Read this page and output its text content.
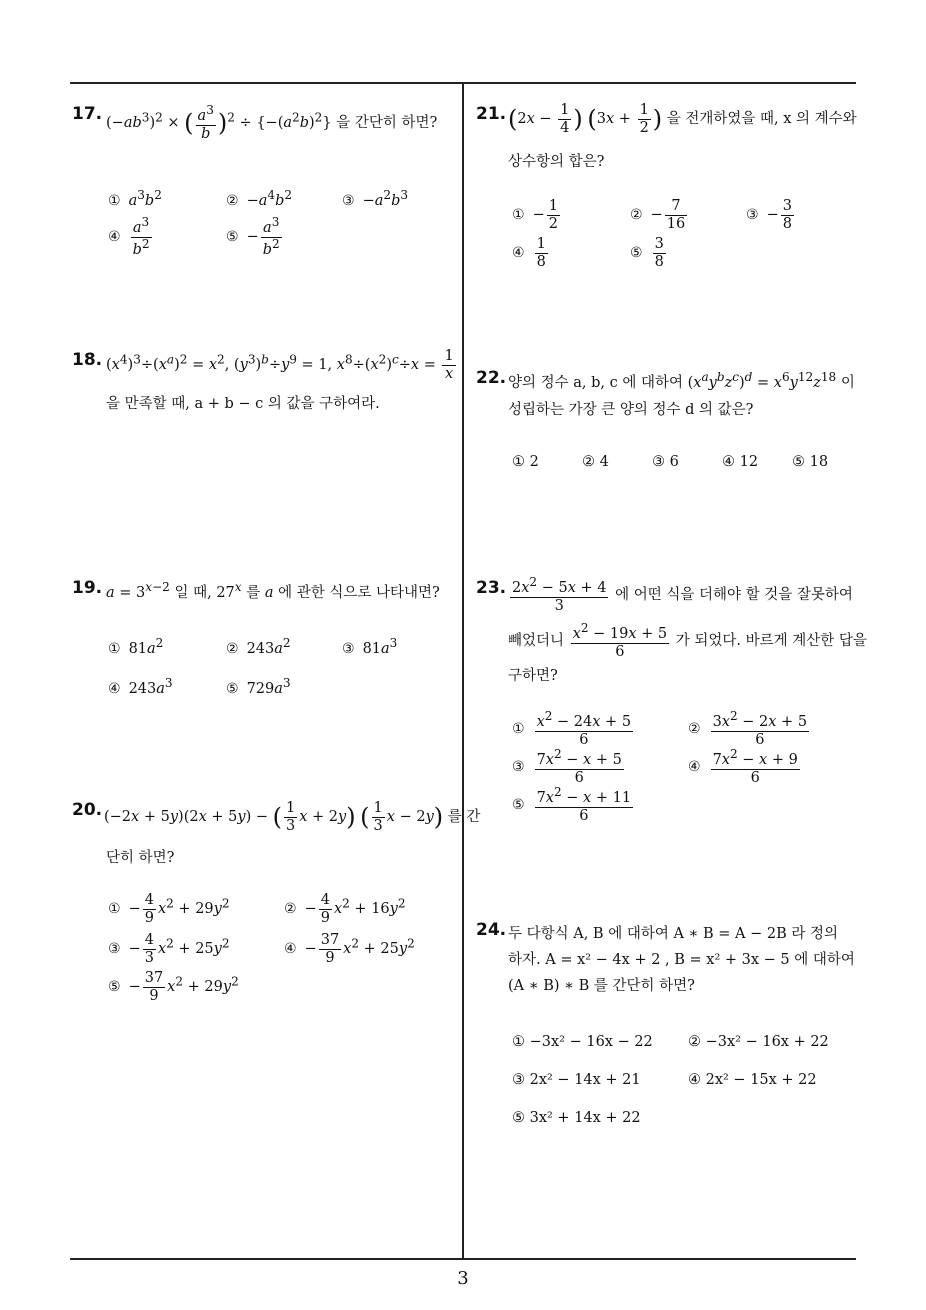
17. $(-ab^3)^2$ × ( $\frac{a^3}{b} )^2 \div \{-(a^2b)^2\}$ 을 간단히 하면?
① $a^3b^2$	② $-a^4b^2$	③ $-a^2b^3$
④ $\frac{a^3}{b^2}$	⑤ − $\frac{a^3}{b^2}$
18. $(x^4)^3\div(x^a)^2 = x^2$, $(y^3)^b\div y^9 = 1$, $x^8\div(x^2)^c\div x = \frac{1}{x}$
을 만족할 때, a + b − c 의 값을 구하여라.
19. $a = 3^{x-2}$ 일 때, 27$^x$ 를 a 에 관한 식으로 나타내면?
① $81a^2$	② $243a^2$	③ $81a^3$
④ $243a^3$	⑤ $729a^3$
20. (−2x + 5y)(2x + 5y) − ( $\frac{1}{3}$ x + 2y) ( $\frac{1}{3}$ x − 2y) 를 간
단히 하면?
① − $\frac{4}{9} x^2 + 29y^2$	② − $\frac{4}{9} x^2 + 16y^2$
③ − $\frac{4}{3} x^2 + 25y^2$	④ − $\frac{37}{9} x^2 + 25y^2$
⑤ − $\frac{37}{9} x^2 + 29y^2$
21. ($2x - \frac{1}{4}$ ) ($3x + \frac{1}{2}$ ) 을 전개하였을 때, x 의 계수와
상수항의 합은?
① − $\frac{1}{2}$	② − $\frac{7}{16}$	③ − $\frac{3}{8}$
④ $\frac{1}{8}$	⑤ $\frac{3}{8}$
22. 양의 정수 a, b, c 에 대하여 $(x^ay^bz^c)^d = x^6y^{12}z^{18}$ 이
성립하는 가장 큰 양의 정수 d 의 값은?
① 2	② 4	③ 6	④ 12 ⑤ 18
23. $\frac{2x^2 - 5x + 4}{3}$ 에 어떤 식을 더해야 할 것을 잘못하여
빼었더니 $\frac{x^2 - 19x + 5}{6}$ 가 되었다. 바르게 계산한 답을
구하면?
① $\frac{x^2 - 24x + 5}{6}$	② $\frac{3x^2 - 2x + 5}{6}$
③ $\frac{7x^2 - x + 5}{6}$	④ $\frac{7x^2 - x + 9}{6}$
⑤ $\frac{7x^2 - x + 11}{6}$
24. 두 다항식 A, B 에 대하여 A ∗ B = A − 2B 라 정의
하자. A = x² − 4x + 2 , B = x² + 3x − 5 에 대하여
(A ∗ B) ∗ B 를 간단히 하면?
① −3x² − 16x − 22 ② −3x² − 16x + 22
③ 2x² − 14x + 21	④ 2x² − 15x + 22
⑤ 3x² + 14x + 22
3
